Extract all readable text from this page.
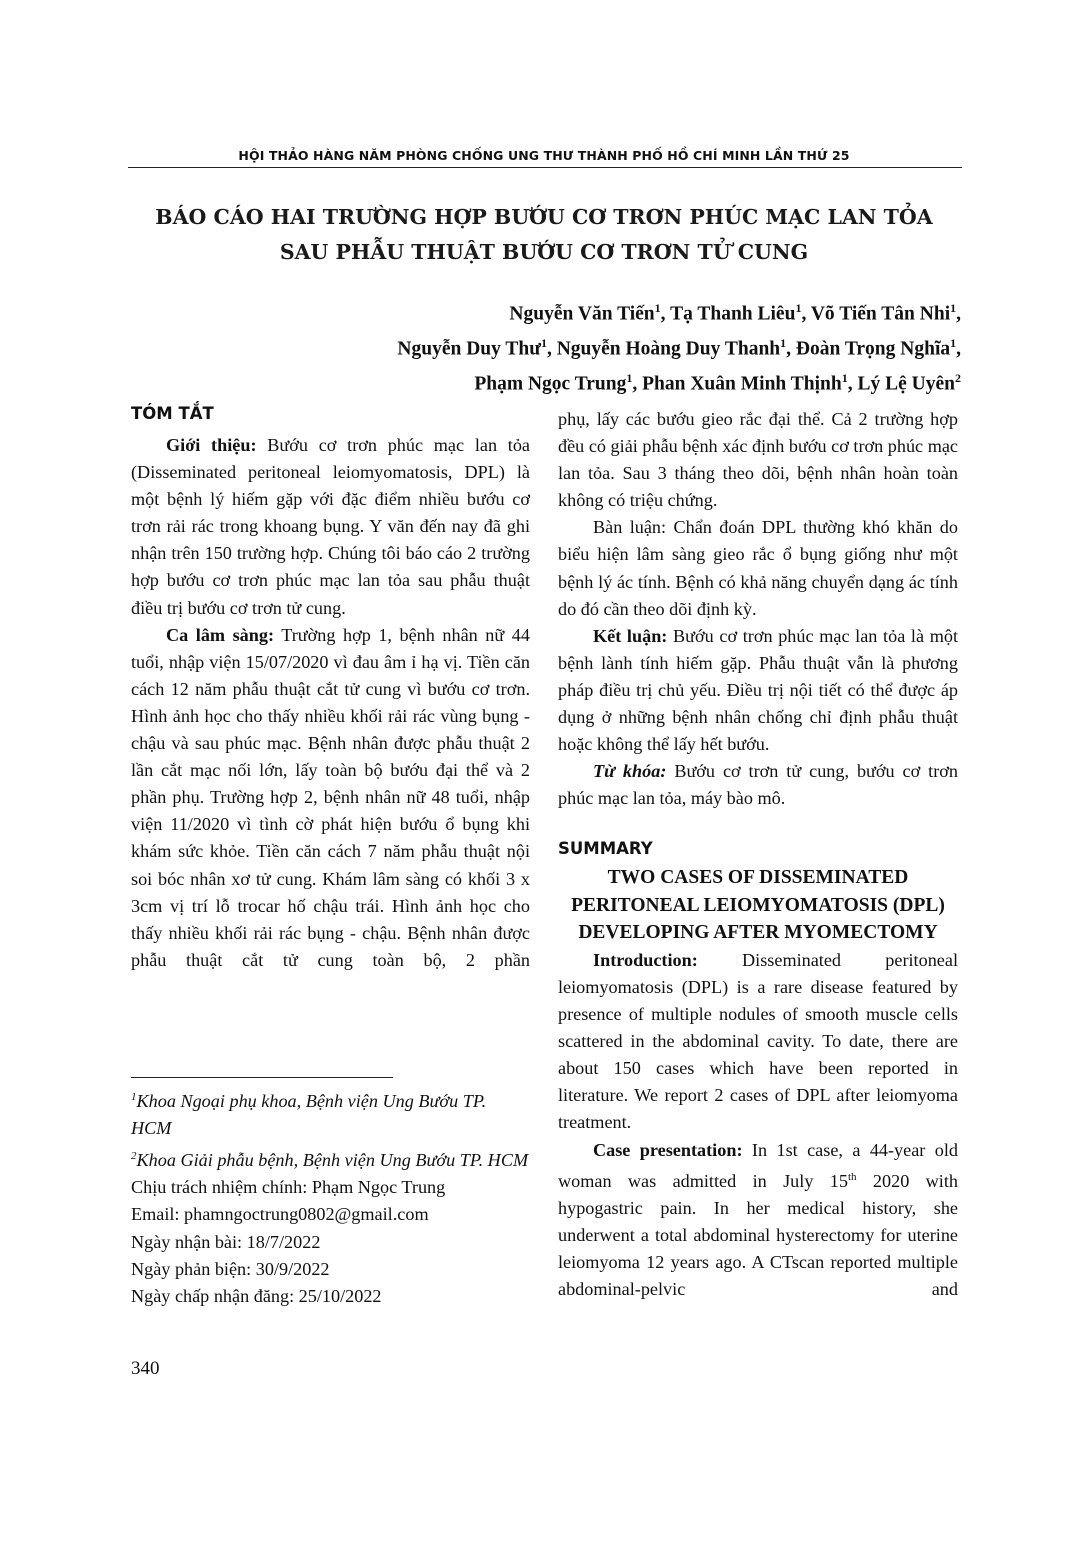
HỘI THẢO HÀNG NĂM PHÒNG CHỐNG UNG THƯ THÀNH PHỐ HỒ CHÍ MINH LẦN THỨ 25
BÁO CÁO HAI TRƯỜNG HỢP BƯỚU CƠ TRƠN PHÚC MẠC LAN TỎA
SAU PHẪU THUẬT BƯỚU CƠ TRƠN TỬ CUNG
Nguyễn Văn Tiến$^1$, Tạ Thanh Liêu$^1$, Võ Tiến Tân Nhi$^1$,
Nguyễn Duy Thư$^1$, Nguyễn Hoàng Duy Thanh$^1$, Đoàn Trọng Nghĩa$^1$,
Phạm Ngọc Trung$^1$, Phan Xuân Minh Thịnh$^1$, Lý Lệ Uyên$^2$
TÓM TẮT

Giới thiệu: Bướu cơ trơn phúc mạc lan tỏa (Disseminated peritoneal leiomyomatosis, DPL) là một bệnh lý hiếm gặp với đặc điểm nhiều bướu cơ trơn rải rác trong khoang bụng. Y văn đến nay đã ghi nhận trên 150 trường hợp. Chúng tôi báo cáo 2 trường hợp bướu cơ trơn phúc mạc lan tỏa sau phẫu thuật điều trị bướu cơ trơn tử cung.

Ca lâm sàng: Trường hợp 1, bệnh nhân nữ 44 tuổi, nhập viện 15/07/2020 vì đau âm ỉ hạ vị. Tiền căn cách 12 năm phẫu thuật cắt tử cung vì bướu cơ trơn. Hình ảnh học cho thấy nhiều khối rải rác vùng bụng - chậu và sau phúc mạc. Bệnh nhân được phẫu thuật 2 lần cắt mạc nối lớn, lấy toàn bộ bướu đại thể và 2 phần phụ. Trường hợp 2, bệnh nhân nữ 48 tuổi, nhập viện 11/2020 vì tình cờ phát hiện bướu ổ bụng khi khám sức khỏe. Tiền căn cách 7 năm phẫu thuật nội soi bóc nhân xơ tử cung. Khám lâm sàng có khối 3 x 3cm vị trí lỗ trocar hố chậu trái. Hình ảnh học cho thấy nhiều khối rải rác bụng - chậu. Bệnh nhân được phẫu thuật cắt tử cung toàn bộ, 2 phần

phụ, lấy các bướu gieo rắc đại thể. Cả 2 trường hợp đều có giải phẫu bệnh xác định bướu cơ trơn phúc mạc lan tỏa. Sau 3 tháng theo dõi, bệnh nhân hoàn toàn không có triệu chứng.

Bàn luận: Chẩn đoán DPL thường khó khăn do biểu hiện lâm sàng gieo rắc ổ bụng giống như một bệnh lý ác tính. Bệnh có khả năng chuyển dạng ác tính do đó cần theo dõi định kỳ.

Kết luận: Bướu cơ trơn phúc mạc lan tỏa là một bệnh lành tính hiếm gặp. Phẫu thuật vẫn là phương pháp điều trị chủ yếu. Điều trị nội tiết có thể được áp dụng ở những bệnh nhân chống chỉ định phẫu thuật hoặc không thể lấy hết bướu.

Từ khóa: Bướu cơ trơn tử cung, bướu cơ trơn phúc mạc lan tỏa, máy bào mô.

SUMMARY
TWO CASES OF DISSEMINATED PERITONEAL LEIOMYOMATOSIS (DPL) DEVELOPING AFTER MYOMECTOMY

Introduction: Disseminated peritoneal leiomyomatosis (DPL) is a rare disease featured by presence of multiple nodules of smooth muscle cells scattered in the abdominal cavity. To date, there are about 150 cases which have been reported in literature. We report 2 cases of DPL after leiomyoma treatment.

Case presentation: In 1st case, a 44-year old woman was admitted in July 15th 2020 with hypogastric pain. In her medical history, she underwent a total abdominal hysterectomy for uterine leiomyoma 12 years ago. A CTscan reported multiple abdominal-pelvic and

$^1$Khoa Ngoại phụ khoa, Bệnh viện Ung Bướu TP. HCM

$^2$Khoa Giải phẫu bệnh, Bệnh viện Ung Bướu TP. HCM

Chịu trách nhiệm chính: Phạm Ngọc Trung

Email: phamngoctrung0802@gmail.com

Ngày nhận bài: 18/7/2022

Ngày phản biện: 30/9/2022

Ngày chấp nhận đăng: 25/10/2022

340
